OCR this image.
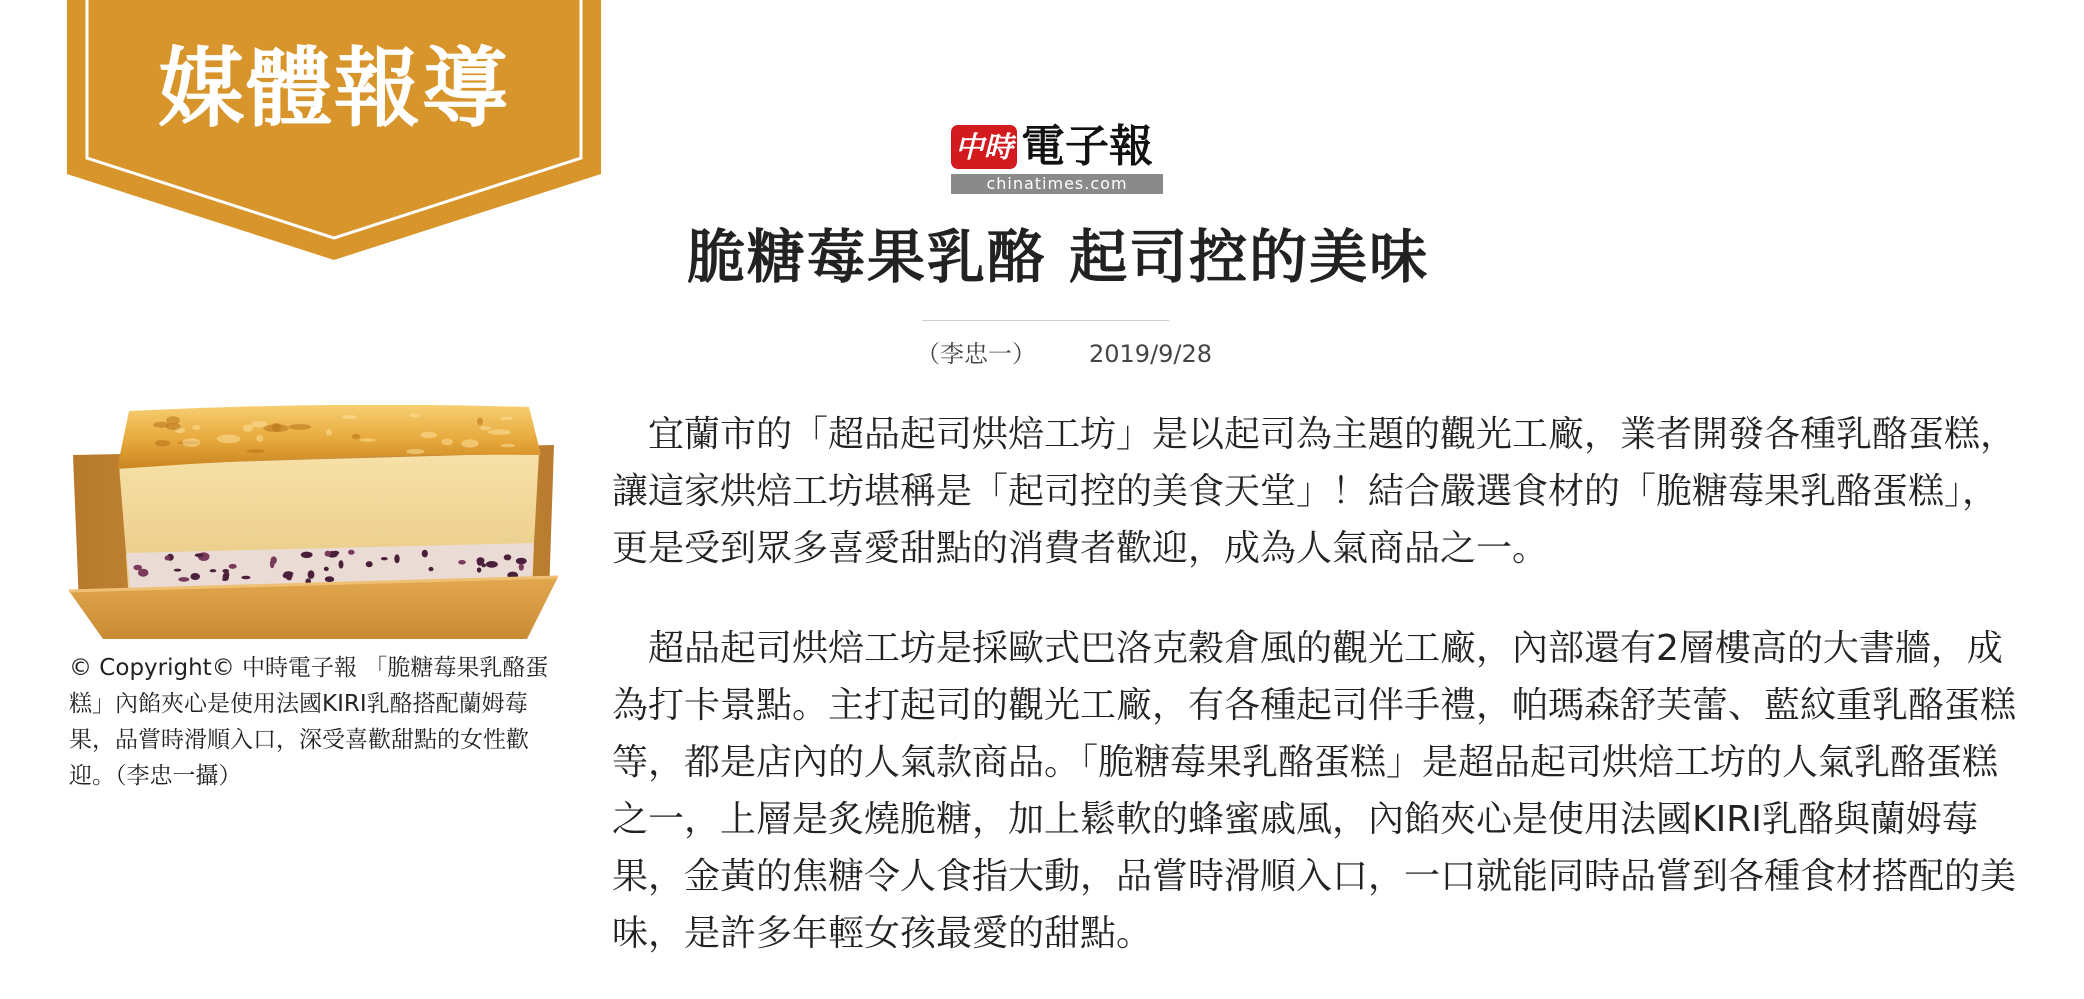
媒體報導
中時 電子報
chinatimes.com
脆糖莓果乳酪 起司控的美味
（李忠一） 2019/9/28
© Copyright© 中時電子報 「脆糖莓果乳酪蛋
糕」內餡夾心是使用法國KIRI乳酪搭配蘭姆莓
果，品嘗時滑順入口，深受喜歡甜點的女性歡
迎。（李忠一攝）
宜蘭市的「超品起司烘焙工坊」是以起司為主題的觀光工廠，業者開發各種乳酪蛋糕，
讓這家烘焙工坊堪稱是「起司控的美食天堂」！結合嚴選食材的「脆糖莓果乳酪蛋糕」，
更是受到眾多喜愛甜點的消費者歡迎，成為人氣商品之一。
超品起司烘焙工坊是採歐式巴洛克穀倉風的觀光工廠，內部還有2層樓高的大書牆，成
為打卡景點。主打起司的觀光工廠，有各種起司伴手禮，帕瑪森舒芙蕾、藍紋重乳酪蛋糕
等，都是店內的人氣款商品。「脆糖莓果乳酪蛋糕」是超品起司烘焙工坊的人氣乳酪蛋糕
之一，上層是炙燒脆糖，加上鬆軟的蜂蜜戚風，內餡夾心是使用法國KIRI乳酪與蘭姆莓
果，金黃的焦糖令人食指大動，品嘗時滑順入口，一口就能同時品嘗到各種食材搭配的美
味，是許多年輕女孩最愛的甜點。
